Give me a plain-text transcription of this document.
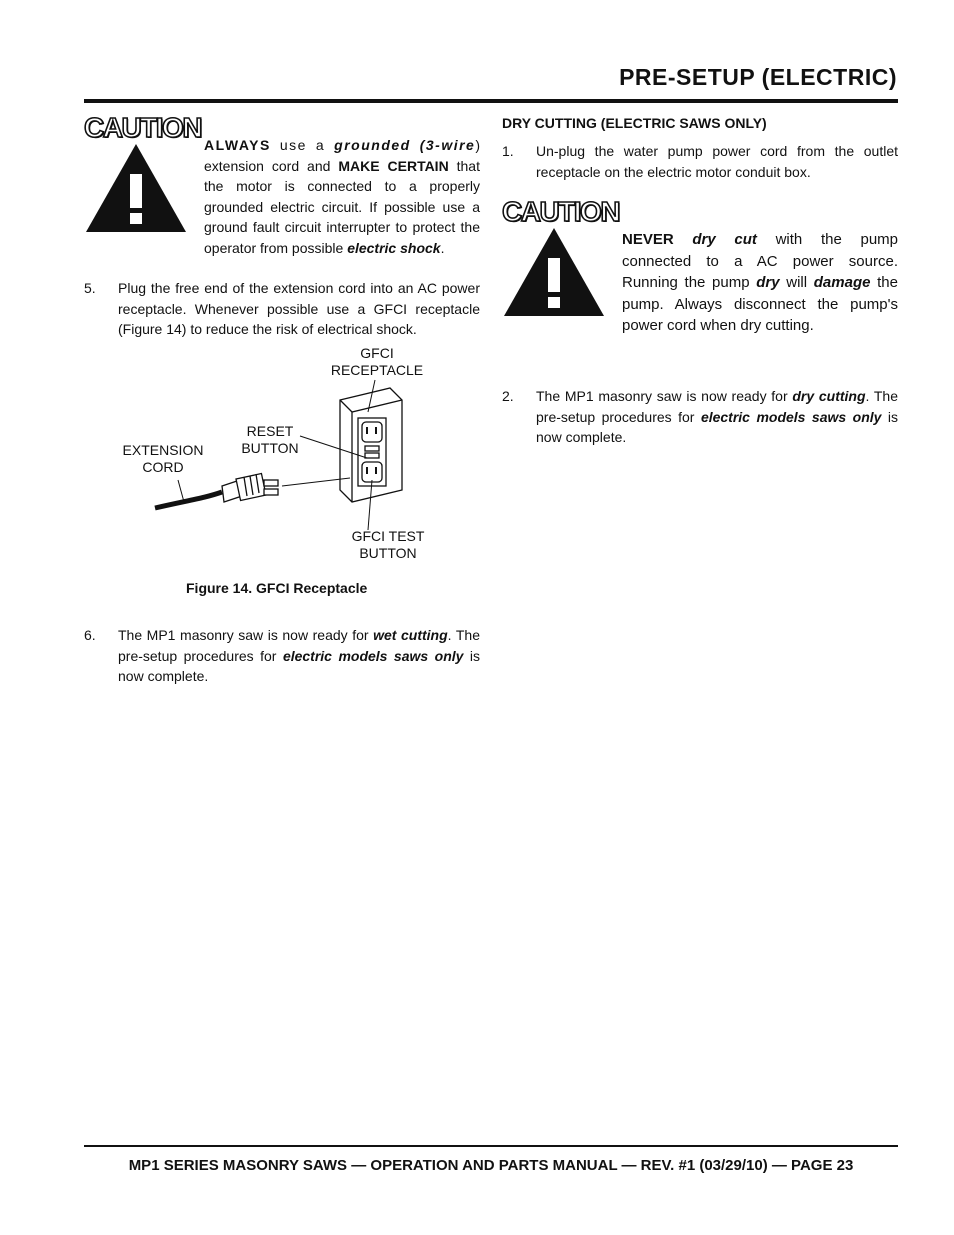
PRE-SETUP (ELECTRIC)
CAUTION
ALWAYS use a grounded (3-wire) extension cord and MAKE CERTAIN that the motor is connected to a properly grounded electric circuit. If possible use a ground fault circuit interrupter to protect the operator from possible electric shock.
5.	Plug the free end of the extension cord into an AC power receptacle. Whenever possible use a GFCI receptacle (Figure 14) to reduce the risk of electrical shock.
GFCI
RECEPTACLE
RESET
BUTTON
EXTENSION
CORD
GFCI TEST
BUTTON
Figure 14. GFCI Receptacle
6.	The MP1 masonry saw is now ready for wet cutting. The pre-setup procedures for electric models saws only is now complete.
DRY CUTTING (ELECTRIC SAWS ONLY)
1.	Un-plug the water pump power cord from the outlet receptacle on the electric motor conduit box.
CAUTION
NEVER dry cut with the pump connected to a AC power source. Running the pump dry will damage the pump. Always disconnect the pump's power cord when dry cutting.
2.	The MP1 masonry saw is now ready for dry cutting. The pre-setup procedures for electric models saws only is now complete.
MP1 SERIES MASONRY SAWS — OPERATION AND PARTS MANUAL — REV. #1 (03/29/10) — PAGE 23
